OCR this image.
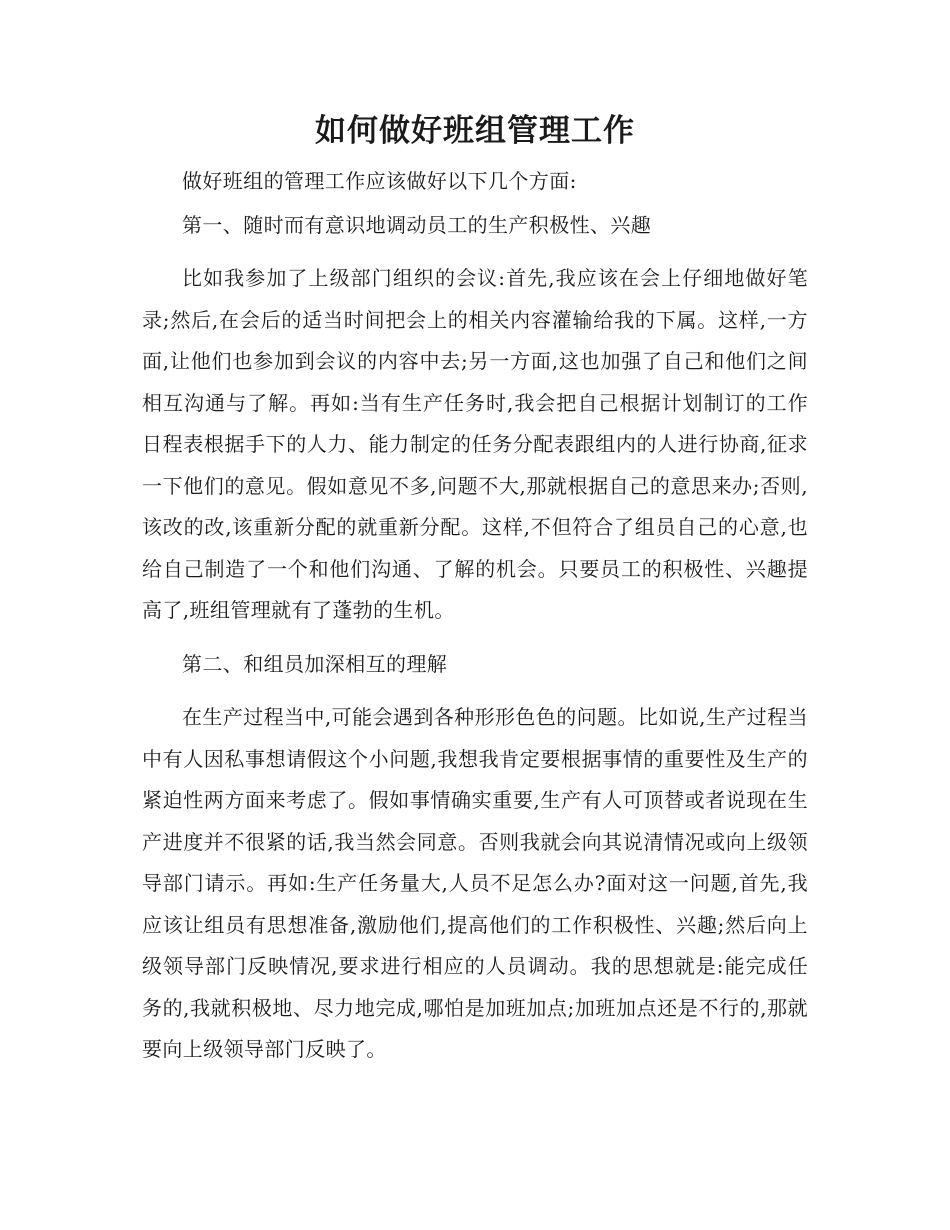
如何做好班组管理工作

做好班组的管理工作应该做好以下几个方面:

第一、随时而有意识地调动员工的生产积极性、兴趣

比如我参加了上级部门组织的会议:首先,我应该在会上仔细地做好笔录;然后,在会后的适当时间把会上的相关内容灌输给我的下属。这样,一方面,让他们也参加到会议的内容中去;另一方面,这也加强了自己和他们之间相互沟通与了解。再如:当有生产任务时,我会把自己根据计划制订的工作日程表根据手下的人力、能力制定的任务分配表跟组内的人进行协商,征求一下他们的意见。假如意见不多,问题不大,那就根据自己的意思来办;否则,该改的改,该重新分配的就重新分配。这样,不但符合了组员自己的心意,也给自己制造了一个和他们沟通、了解的机会。只要员工的积极性、兴趣提高了,班组管理就有了蓬勃的生机。

第二、和组员加深相互的理解

在生产过程当中,可能会遇到各种形形色色的问题。比如说,生产过程当中有人因私事想请假这个小问题,我想我肯定要根据事情的重要性及生产的紧迫性两方面来考虑了。假如事情确实重要,生产有人可顶替或者说现在生产进度并不很紧的话,我当然会同意。否则我就会向其说清情况或向上级领导部门请示。再如:生产任务量大,人员不足怎么办?面对这一问题,首先,我应该让组员有思想准备,激励他们,提高他们的工作积极性、兴趣;然后向上级领导部门反映情况,要求进行相应的人员调动。我的思想就是:能完成任务的,我就积极地、尽力地完成,哪怕是加班加点;加班加点还是不行的,那就要向上级领导部门反映了。
